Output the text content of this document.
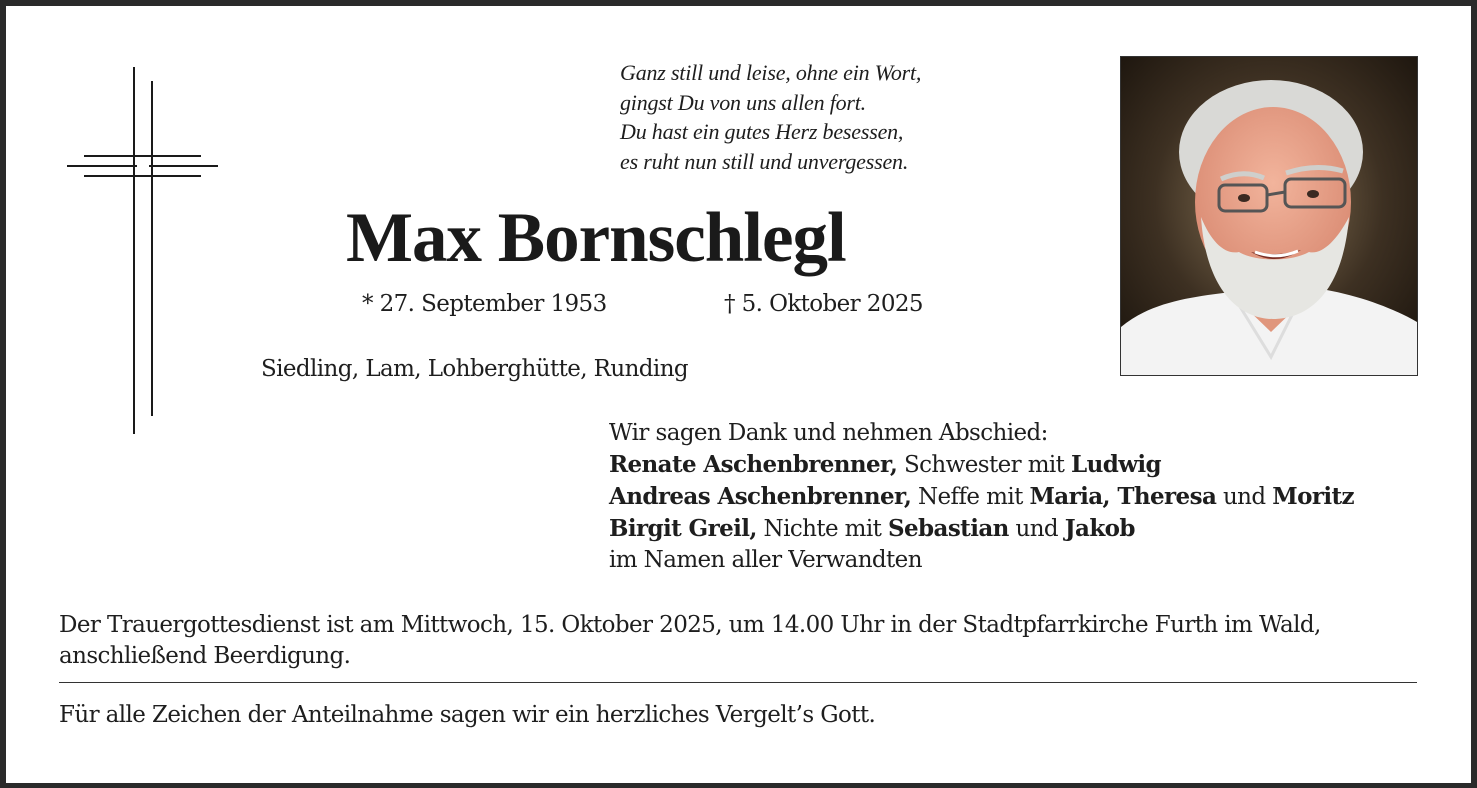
Ganz still und leise, ohne ein Wort,
gingst Du von uns allen fort.
Du hast ein gutes Herz besessen,
es ruht nun still und unvergessen.
Max Bornschlegl
* 27. September 1953	† 5. Oktober 2025
Siedling, Lam, Lohberghütte, Runding
Wir sagen Dank und nehmen Abschied:
Renate Aschenbrenner, Schwester mit Ludwig
Andreas Aschenbrenner, Neffe mit Maria, Theresa und Moritz
Birgit Greil, Nichte mit Sebastian und Jakob
im Namen aller Verwandten
Der Trauergottesdienst ist am Mittwoch, 15. Oktober 2025, um 14.00 Uhr in der Stadtpfarrkirche Furth im Wald, anschließend Beerdigung.
Für alle Zeichen der Anteilnahme sagen wir ein herzliches Vergelt’s Gott.
